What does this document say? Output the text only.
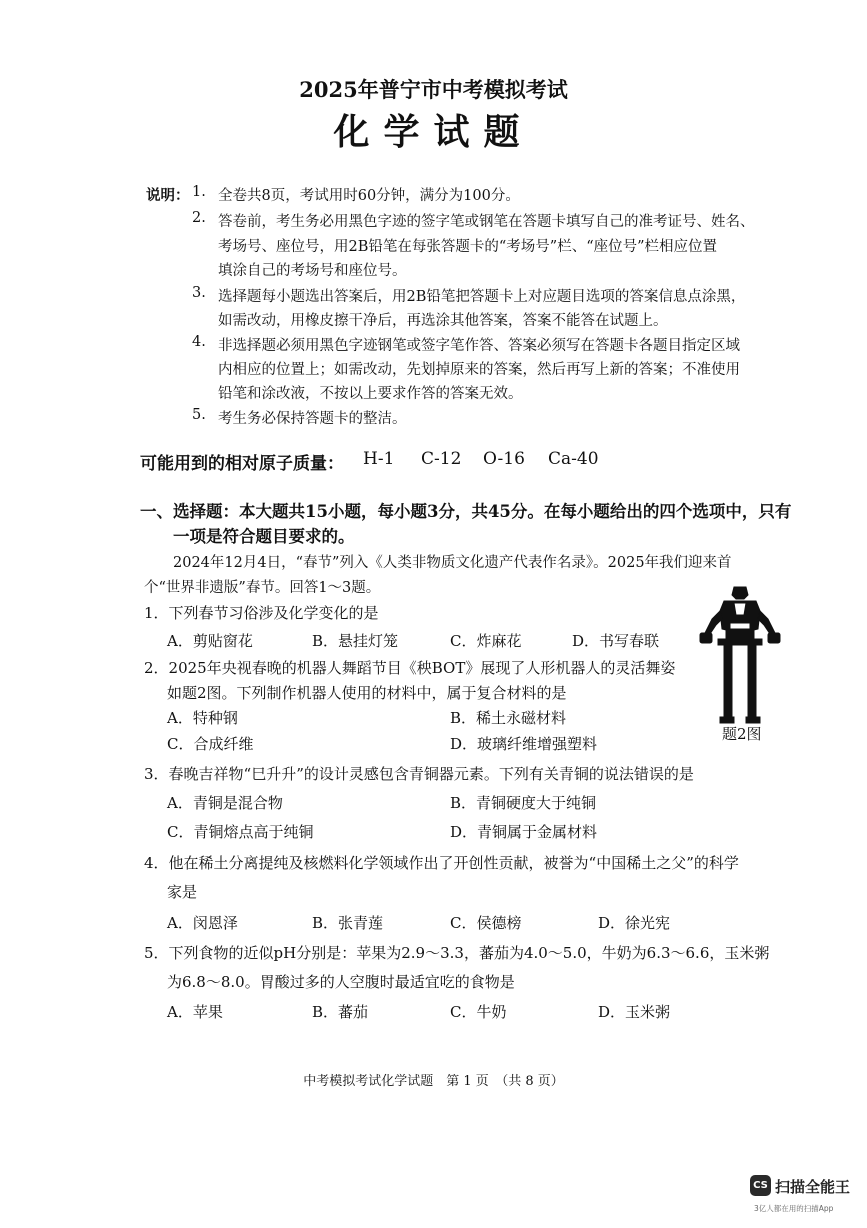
2025年普宁市中考模拟考试
化学试题
说明： 1. 全卷共8页，考试用时60分钟，满分为100分。
2. 答卷前，考生务必用黑色字迹的签字笔或钢笔在答题卡填写自己的准考证号、姓名、
考场号、座位号，用2B铅笔在每张答题卡的“考场号”栏、“座位号”栏相应位置
填涂自己的考场号和座位号。
3. 选择题每小题选出答案后，用2B铅笔把答题卡上对应题目选项的答案信息点涂黑，
如需改动，用橡皮擦干净后，再选涂其他答案，答案不能答在试题上。
4. 非选择题必须用黑色字迹钢笔或签字笔作答、答案必须写在答题卡各题目指定区域
内相应的位置上；如需改动，先划掉原来的答案，然后再写上新的答案；不准使用
铅笔和涂改液，不按以上要求作答的答案无效。
5. 考生务必保持答题卡的整洁。
可能用到的相对原子质量： H-1 C-12 O-16 Ca-40
一、选择题：本大题共15小题，每小题3分，共45分。在每小题给出的四个选项中，只有
一项是符合题目要求的。
2024年12月4日，“春节”列入《人类非物质文化遗产代表作名录》。2025年我们迎来首
个“世界非遗版”春节。回答1～3题。
1．下列春节习俗涉及化学变化的是
A．剪贴窗花	B．悬挂灯笼	C．炸麻花	D．书写春联
2．2025年央视春晚的机器人舞蹈节目《秧BOT》展现了人形机器人的灵活舞姿
如题2图。下列制作机器人使用的材料中，属于复合材料的是
A．特种钢	B．稀土永磁材料
C．合成纤维	D．玻璃纤维增强塑料
题2图
3．春晚吉祥物“巳升升”的设计灵感包含青铜器元素。下列有关青铜的说法错误的是
A．青铜是混合物	B．青铜硬度大于纯铜
C．青铜熔点高于纯铜	D．青铜属于金属材料
4．他在稀土分离提纯及核燃料化学领域作出了开创性贡献，被誉为“中国稀土之父”的科学
家是
A．闵恩泽	B．张青莲	C．侯德榜	D．徐光宪
5．下列食物的近似pH分别是：苹果为2.9～3.3，蕃茄为4.0～5.0，牛奶为6.3～6.6，玉米粥
为6.8～8.0。胃酸过多的人空腹时最适宜吃的食物是
A．苹果	B．蕃茄	C．牛奶	D．玉米粥
中考模拟考试化学试题　第 1 页　（共 8 页）
CS 扫描全能王
3亿人都在用的扫描App
